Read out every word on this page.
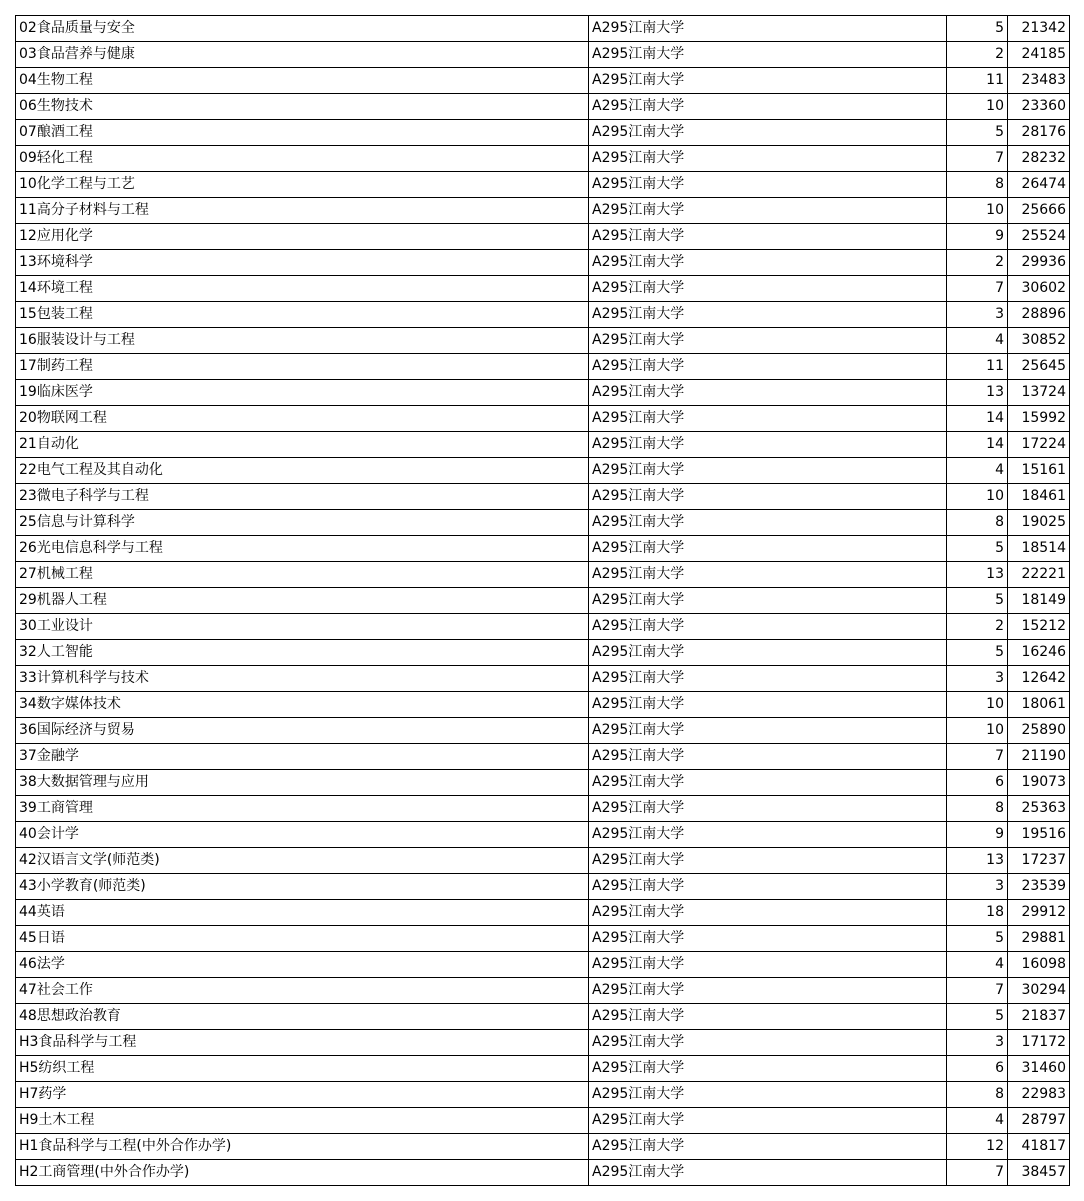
02食品质量与安全	A295江南大学	5	21342
03食品营养与健康	A295江南大学	2	24185
04生物工程	A295江南大学	11	23483
06生物技术	A295江南大学	10	23360
07酿酒工程	A295江南大学	5	28176
09轻化工程	A295江南大学	7	28232
10化学工程与工艺	A295江南大学	8	26474
11高分子材料与工程	A295江南大学	10	25666
12应用化学	A295江南大学	9	25524
13环境科学	A295江南大学	2	29936
14环境工程	A295江南大学	7	30602
15包装工程	A295江南大学	3	28896
16服装设计与工程	A295江南大学	4	30852
17制药工程	A295江南大学	11	25645
19临床医学	A295江南大学	13	13724
20物联网工程	A295江南大学	14	15992
21自动化	A295江南大学	14	17224
22电气工程及其自动化	A295江南大学	4	15161
23微电子科学与工程	A295江南大学	10	18461
25信息与计算科学	A295江南大学	8	19025
26光电信息科学与工程	A295江南大学	5	18514
27机械工程	A295江南大学	13	22221
29机器人工程	A295江南大学	5	18149
30工业设计	A295江南大学	2	15212
32人工智能	A295江南大学	5	16246
33计算机科学与技术	A295江南大学	3	12642
34数字媒体技术	A295江南大学	10	18061
36国际经济与贸易	A295江南大学	10	25890
37金融学	A295江南大学	7	21190
38大数据管理与应用	A295江南大学	6	19073
39工商管理	A295江南大学	8	25363
40会计学	A295江南大学	9	19516
42汉语言文学(师范类)	A295江南大学	13	17237
43小学教育(师范类)	A295江南大学	3	23539
44英语	A295江南大学	18	29912
45日语	A295江南大学	5	29881
46法学	A295江南大学	4	16098
47社会工作	A295江南大学	7	30294
48思想政治教育	A295江南大学	5	21837
H3食品科学与工程	A295江南大学	3	17172
H5纺织工程	A295江南大学	6	31460
H7药学	A295江南大学	8	22983
H9土木工程	A295江南大学	4	28797
H1食品科学与工程(中外合作办学)	A295江南大学	12	41817
H2工商管理(中外合作办学)	A295江南大学	7	38457
